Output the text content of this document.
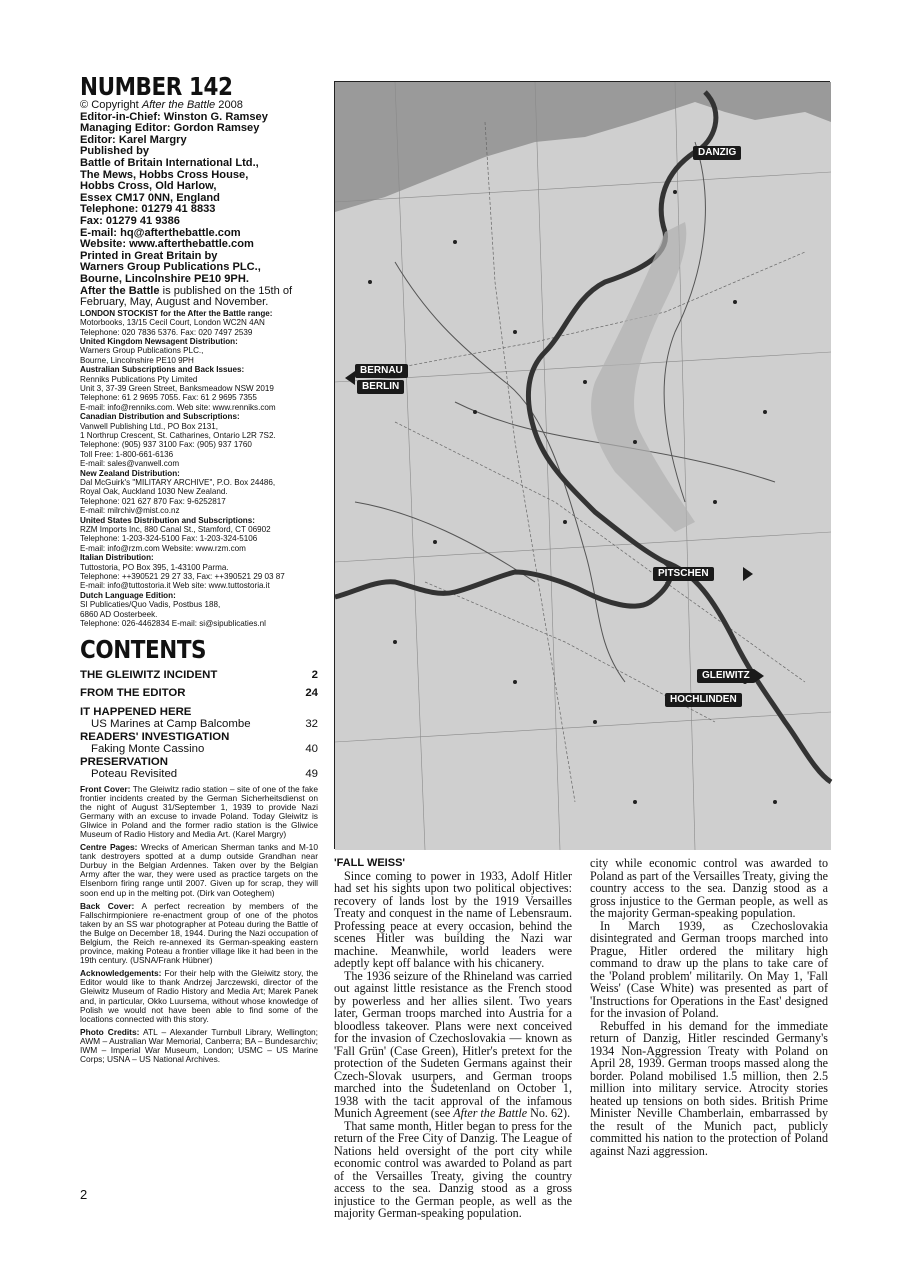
NUMBER 142
© Copyright After the Battle 2008
Editor-in-Chief: Winston G. Ramsey
Managing Editor: Gordon Ramsey
Editor: Karel Margry
Published by
Battle of Britain International Ltd.,
The Mews, Hobbs Cross House,
Hobbs Cross, Old Harlow,
Essex CM17 0NN, England
Telephone: 01279 41 8833
Fax: 01279 41 9386
E-mail: hq@afterthebattle.com
Website: www.afterthebattle.com
Printed in Great Britain by
Warners Group Publications PLC.,
Bourne, Lincolnshire PE10 9PH.
After the Battle is published on the 15th of February, May, August and November.
LONDON STOCKIST for the After the Battle range:
Motorbooks, 13/15 Cecil Court, London WC2N 4AN
Telephone: 020 7836 5376. Fax: 020 7497 2539
United Kingdom Newsagent Distribution:
Warners Group Publications PLC.,
Bourne, Lincolnshire PE10 9PH
Australian Subscriptions and Back Issues:
Renniks Publications Pty Limited
Unit 3, 37-39 Green Street, Banksmeadow NSW 2019
Telephone: 61 2 9695 7055. Fax: 61 2 9695 7355
E-mail: info@renniks.com. Web site: www.renniks.com
Canadian Distribution and Subscriptions:
Vanwell Publishing Ltd., PO Box 2131,
1 Northrup Crescent, St. Catharines, Ontario L2R 7S2.
Telephone: (905) 937 3100 Fax: (905) 937 1760
Toll Free: 1-800-661-6136
E-mail: sales@vanwell.com
New Zealand Distribution:
Dal McGuirk's "MILITARY ARCHIVE", P.O. Box 24486,
Royal Oak, Auckland 1030 New Zealand.
Telephone: 021 627 870 Fax: 9-6252817
E-mail: milrchiv@mist.co.nz
United States Distribution and Subscriptions:
RZM Imports Inc, 880 Canal St., Stamford, CT 06902
Telephone: 1-203-324-5100 Fax: 1-203-324-5106
E-mail: info@rzm.com Website: www.rzm.com
Italian Distribution:
Tuttostoria, PO Box 395, 1-43100 Parma.
Telephone: ++390521 29 27 33, Fax: ++390521 29 03 87
E-mail: info@tuttostoria.it Web site: www.tuttostoria.it
Dutch Language Edition:
SI Publicaties/Quo Vadis, Postbus 188,
6860 AD Oosterbeek.
Telephone: 026-4462834 E-mail: si@sipublicaties.nl
CONTENTS
THE GLEIWITZ INCIDENT	2
FROM THE EDITOR	24
IT HAPPENED HERE
US Marines at Camp Balcombe	32
READERS' INVESTIGATION
Faking Monte Cassino	40
PRESERVATION
Poteau Revisited	49
Front Cover: The Gleiwitz radio station – site of one of the fake frontier incidents created by the German Sicherheitsdienst on the night of August 31/September 1, 1939 to provide Nazi Germany with an excuse to invade Poland. Today Gleiwitz is Gliwice in Poland and the former radio station is the Gliwice Museum of Radio History and Media Art. (Karel Margry)
Centre Pages: Wrecks of American Sherman tanks and M-10 tank destroyers spotted at a dump outside Grandhan near Durbuy in the Belgian Ardennes. Taken over by the Belgian Army after the war, they were used as practice targets on the Elsenborn firing range until 2007. Given up for scrap, they will soon end up in the melting pot. (Dirk van Ooteghem)
Back Cover: A perfect recreation by members of the Fallschirmpioniere re-enactment group of one of the photos taken by an SS war photographer at Poteau during the Battle of the Bulge on December 18, 1944. During the Nazi occupation of Belgium, the Reich re-annexed its German-speaking eastern province, making Poteau a frontier village like it had been in the 19th century. (USNA/Frank Hübner)
Acknowledgements: For their help with the Gleiwitz story, the Editor would like to thank Andrzej Jarczewski, director of the Gleiwitz Museum of Radio History and Media Art; Marek Panek and, in particular, Okko Luursema, without whose knowledge of Polish we would not have been able to find some of the locations connected with this story.
Photo Credits: ATL – Alexander Turnbull Library, Wellington; AWM – Australian War Memorial, Canberra; BA – Bundesarchiv; IWM – Imperial War Museum, London; USMC – US Marine Corps; USNA – US National Archives.
DANZIG
BERNAU
BERLIN
PITSCHEN
GLEIWITZ
HOCHLINDEN
'FALL WEISS'

Since coming to power in 1933, Adolf Hitler had set his sights upon two political objectives: recovery of lands lost by the 1919 Versailles Treaty and conquest in the name of Lebensraum. Professing peace at every occasion, behind the scenes Hitler was building the Nazi war machine. Meanwhile, world leaders were adeptly kept off balance with his chicanery.

The 1936 seizure of the Rhineland was carried out against little resistance as the French stood by powerless and her allies silent. Two years later, German troops marched into Austria for a bloodless takeover. Plans were next conceived for the invasion of Czechoslovakia — known as 'Fall Grün' (Case Green), Hitler's pretext for the protection of the Sudeten Germans against their Czech-Slovak usurpers, and German troops marched into the Sudetenland on October 1, 1938 with the tacit approval of the infamous Munich Agreement (see After the Battle No. 62).

That same month, Hitler began to press for the return of the Free City of Danzig. The League of Nations held oversight of the port city while economic control was awarded to Poland as part of the Versailles Treaty, giving the country access to the sea. Danzig stood as a gross injustice to the German people, as well as the majority German-speaking population.

city while economic control was awarded to Poland as part of the Versailles Treaty, giving the country access to the sea. Danzig stood as a gross injustice to the German people, as well as the majority German-speaking population.

In March 1939, as Czechoslovakia disintegrated and German troops marched into Prague, Hitler ordered the military high command to draw up the plans to take care of the 'Poland problem' militarily. On May 1, 'Fall Weiss' (Case White) was presented as part of 'Instructions for Operations in the East' designed for the invasion of Poland.

Rebuffed in his demand for the immediate return of Danzig, Hitler rescinded Germany's 1934 Non-Aggression Treaty with Poland on April 28, 1939. German troops massed along the border. Poland mobilised 1.5 million, then 2.5 million into military service. Atrocity stories heated up tensions on both sides. British Prime Minister Neville Chamberlain, embarrassed by the result of the Munich pact, publicly committed his nation to the protection of Poland against Nazi aggression.

2
